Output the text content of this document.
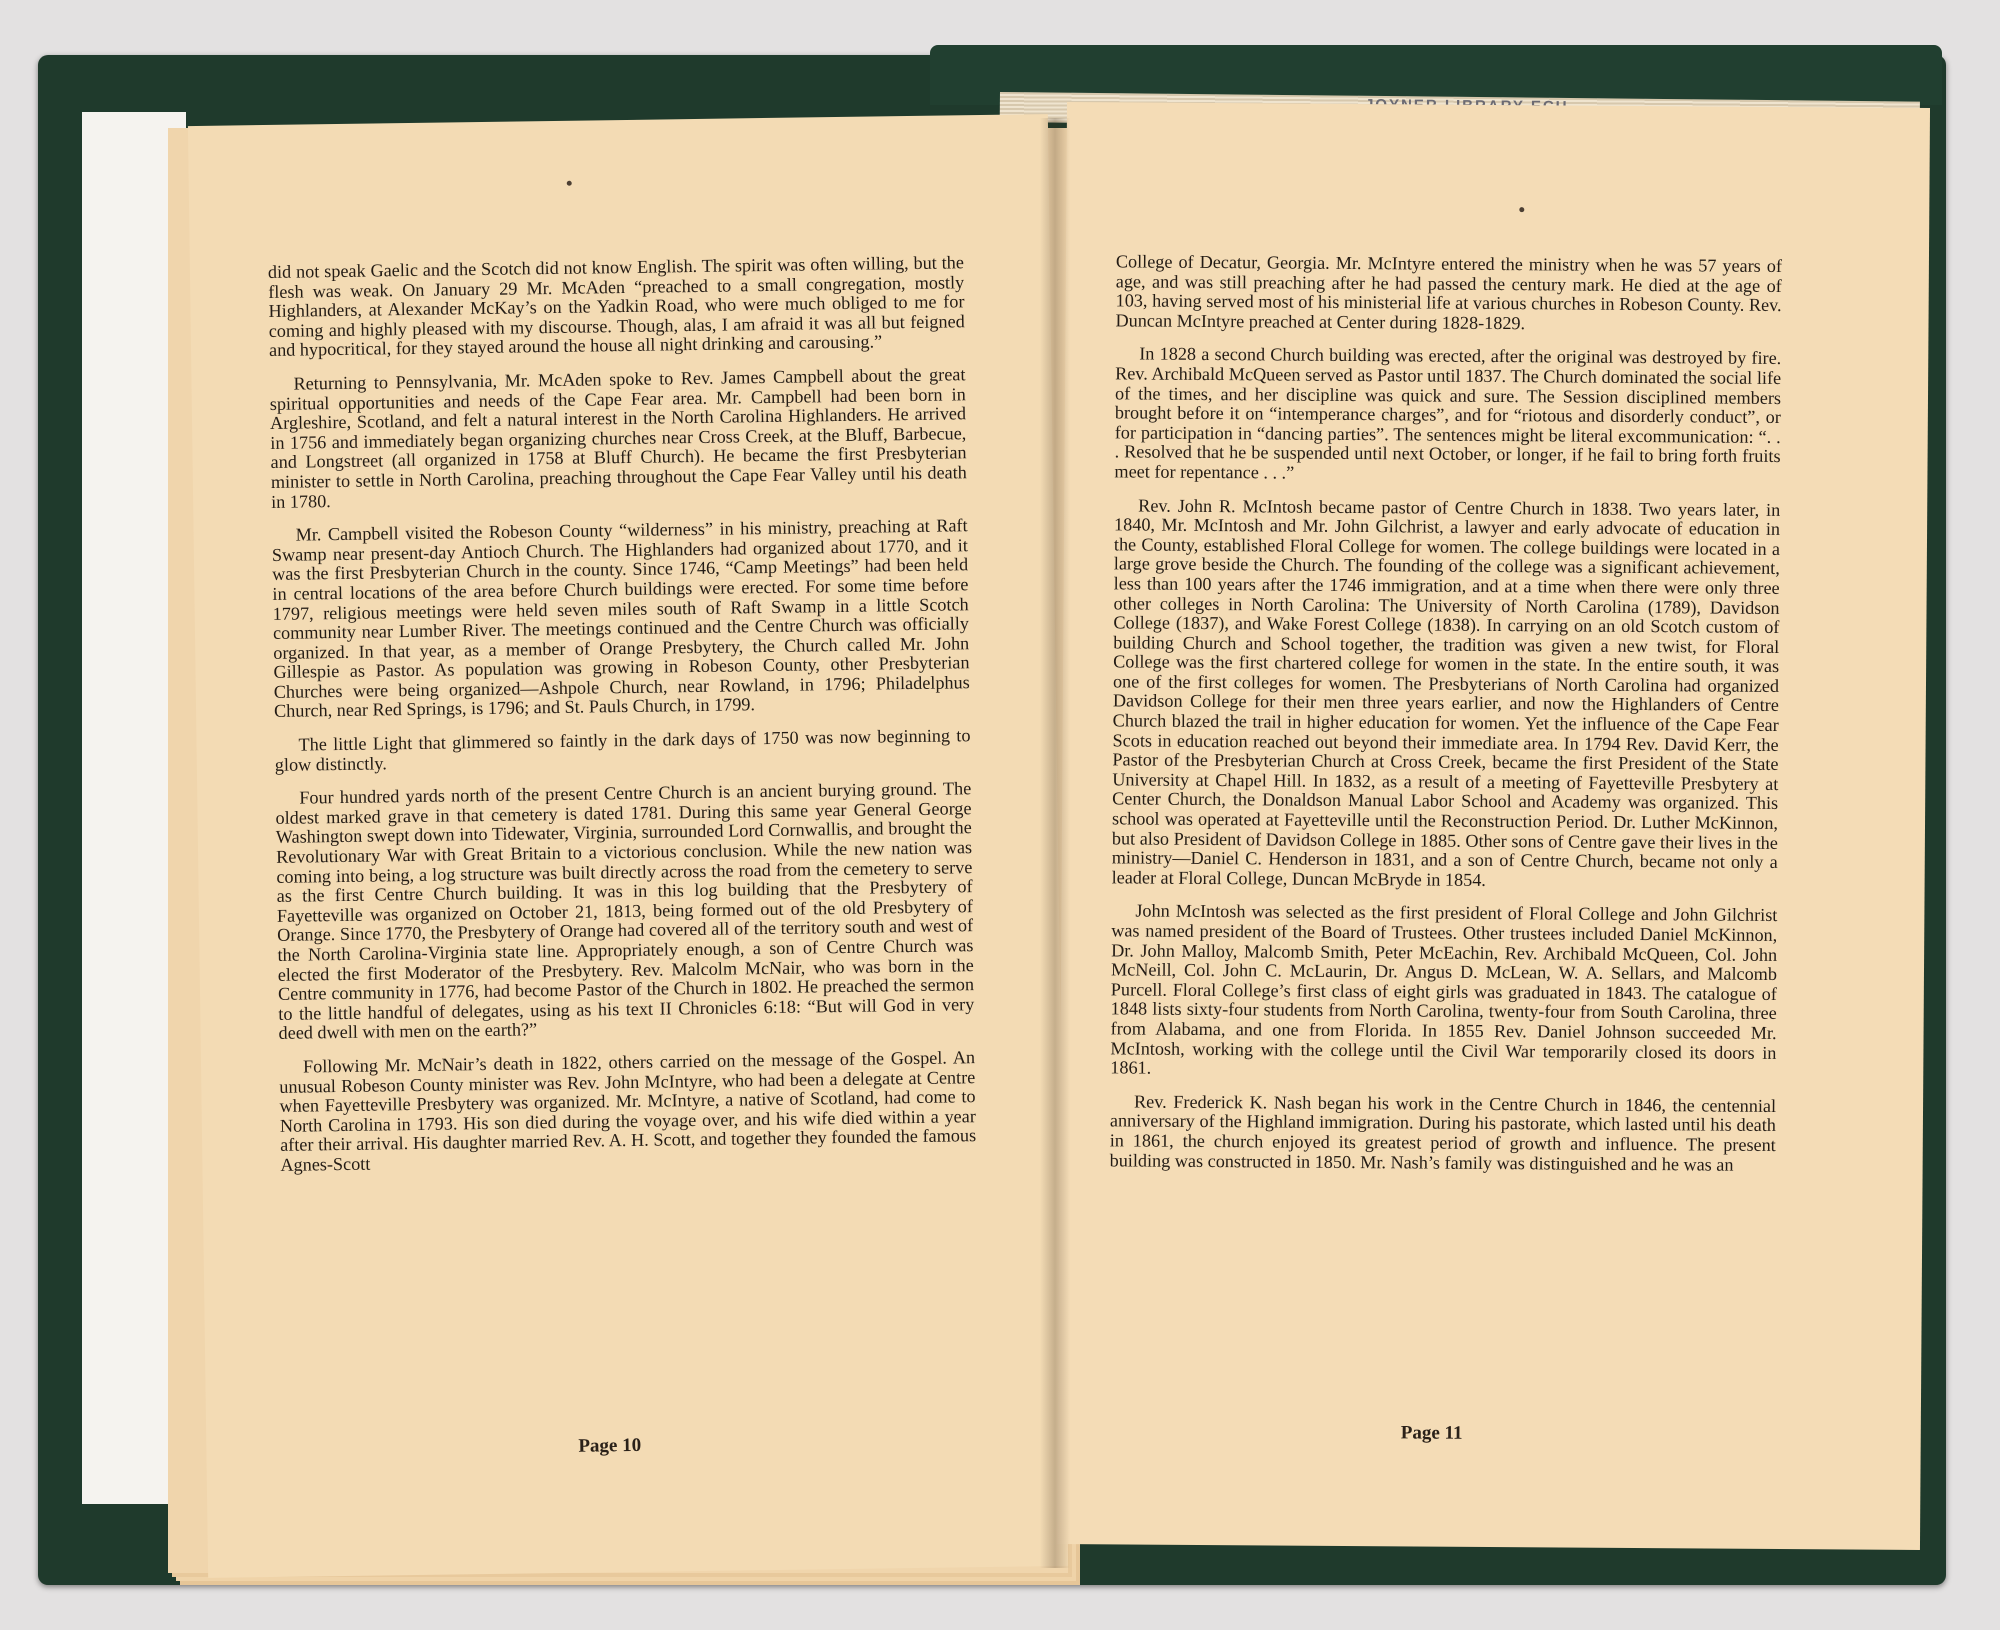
did not speak Gaelic and the Scotch did not know English. The spirit was often willing, but the flesh was weak. On January 29 Mr. McAden “preached to a small congregation, mostly Highlanders, at Alexander McKay’s on the Yadkin Road, who were much obliged to me for coming and highly pleased with my discourse. Though, alas, I am afraid it was all but feigned and hypocritical, for they stayed around the house all night drinking and carousing.”

Returning to Pennsylvania, Mr. McAden spoke to Rev. James Campbell about the great spiritual opportunities and needs of the Cape Fear area. Mr. Campbell had been born in Argleshire, Scotland, and felt a natural interest in the North Carolina Highlanders. He arrived in 1756 and immediately began organizing churches near Cross Creek, at the Bluff, Barbecue, and Longstreet (all organized in 1758 at Bluff Church). He became the first Presbyterian minister to settle in North Carolina, preaching throughout the Cape Fear Valley until his death in 1780.

Mr. Campbell visited the Robeson County “wilderness” in his ministry, preaching at Raft Swamp near present-day Antioch Church. The Highlanders had organized about 1770, and it was the first Presbyterian Church in the county. Since 1746, “Camp Meetings” had been held in central locations of the area before Church buildings were erected. For some time before 1797, religious meetings were held seven miles south of Raft Swamp in a little Scotch community near Lumber River. The meetings continued and the Centre Church was officially organized. In that year, as a member of Orange Presbytery, the Church called Mr. John Gillespie as Pastor. As population was growing in Robeson County, other Presbyterian Churches were being organized—Ashpole Church, near Rowland, in 1796; Philadelphus Church, near Red Springs, is 1796; and St. Pauls Church, in 1799.

The little Light that glimmered so faintly in the dark days of 1750 was now beginning to glow distinctly.

Four hundred yards north of the present Centre Church is an ancient burying ground. The oldest marked grave in that cemetery is dated 1781. During this same year General George Washington swept down into Tidewater, Virginia, surrounded Lord Cornwallis, and brought the Revolutionary War with Great Britain to a victorious conclusion. While the new nation was coming into being, a log structure was built directly across the road from the cemetery to serve as the first Centre Church building. It was in this log building that the Presbytery of Fayetteville was organized on October 21, 1813, being formed out of the old Presbytery of Orange. Since 1770, the Presbytery of Orange had covered all of the territory south and west of the North Carolina-Virginia state line. Appropriately enough, a son of Centre Church was elected the first Moderator of the Presbytery. Rev. Malcolm McNair, who was born in the Centre community in 1776, had become Pastor of the Church in 1802. He preached the sermon to the little handful of delegates, using as his text II Chronicles 6:18: “But will God in very deed dwell with men on the earth?”

Following Mr. McNair’s death in 1822, others carried on the message of the Gospel. An unusual Robeson County minister was Rev. John McIntyre, who had been a delegate at Centre when Fayetteville Presbytery was organized. Mr. McIntyre, a native of Scotland, had come to North Carolina in 1793. His son died during the voyage over, and his wife died within a year after their arrival. His daughter married Rev. A. H. Scott, and together they founded the famous Agnes-Scott

Page 10

College of Decatur, Georgia. Mr. McIntyre entered the ministry when he was 57 years of age, and was still preaching after he had passed the century mark. He died at the age of 103, having served most of his ministerial life at various churches in Robeson County. Rev. Duncan McIntyre preached at Center during 1828-1829.

In 1828 a second Church building was erected, after the original was destroyed by fire. Rev. Archibald McQueen served as Pastor until 1837. The Church dominated the social life of the times, and her discipline was quick and sure. The Session disciplined members brought before it on “intemperance charges”, and for “riotous and disorderly conduct”, or for participation in “dancing parties”. The sentences might be literal excommunication: “. . . Resolved that he be suspended until next October, or longer, if he fail to bring forth fruits meet for repentance . . .”

Rev. John R. McIntosh became pastor of Centre Church in 1838. Two years later, in 1840, Mr. McIntosh and Mr. John Gilchrist, a lawyer and early advocate of education in the County, established Floral College for women. The college buildings were located in a large grove beside the Church. The founding of the college was a significant achievement, less than 100 years after the 1746 immigration, and at a time when there were only three other colleges in North Carolina: The University of North Carolina (1789), Davidson College (1837), and Wake Forest College (1838). In carrying on an old Scotch custom of building Church and School together, the tradition was given a new twist, for Floral College was the first chartered college for women in the state. In the entire south, it was one of the first colleges for women. The Presbyterians of North Carolina had organized Davidson College for their men three years earlier, and now the Highlanders of Centre Church blazed the trail in higher education for women. Yet the influence of the Cape Fear Scots in education reached out beyond their immediate area. In 1794 Rev. David Kerr, the Pastor of the Presbyterian Church at Cross Creek, became the first President of the State University at Chapel Hill. In 1832, as a result of a meeting of Fayetteville Presbytery at Center Church, the Donaldson Manual Labor School and Academy was organized. This school was operated at Fayetteville until the Reconstruction Period. Dr. Luther McKinnon, but also President of Davidson College in 1885. Other sons of Centre gave their lives in the ministry—Daniel C. Henderson in 1831, and a son of Centre Church, became not only a leader at Floral College, Duncan McBryde in 1854.

John McIntosh was selected as the first president of Floral College and John Gilchrist was named president of the Board of Trustees. Other trustees included Daniel McKinnon, Dr. John Malloy, Malcomb Smith, Peter McEachin, Rev. Archibald McQueen, Col. John McNeill, Col. John C. McLaurin, Dr. Angus D. McLean, W. A. Sellars, and Malcomb Purcell. Floral College’s first class of eight girls was graduated in 1843. The catalogue of 1848 lists sixty-four students from North Carolina, twenty-four from South Carolina, three from Alabama, and one from Florida. In 1855 Rev. Daniel Johnson succeeded Mr. McIntosh, working with the college until the Civil War temporarily closed its doors in 1861.

Rev. Frederick K. Nash began his work in the Centre Church in 1846, the centennial anniversary of the Highland immigration. During his pastorate, which lasted until his death in 1861, the church enjoyed its greatest period of growth and influence. The present building was constructed in 1850. Mr. Nash’s family was distinguished and he was an

Page 11
